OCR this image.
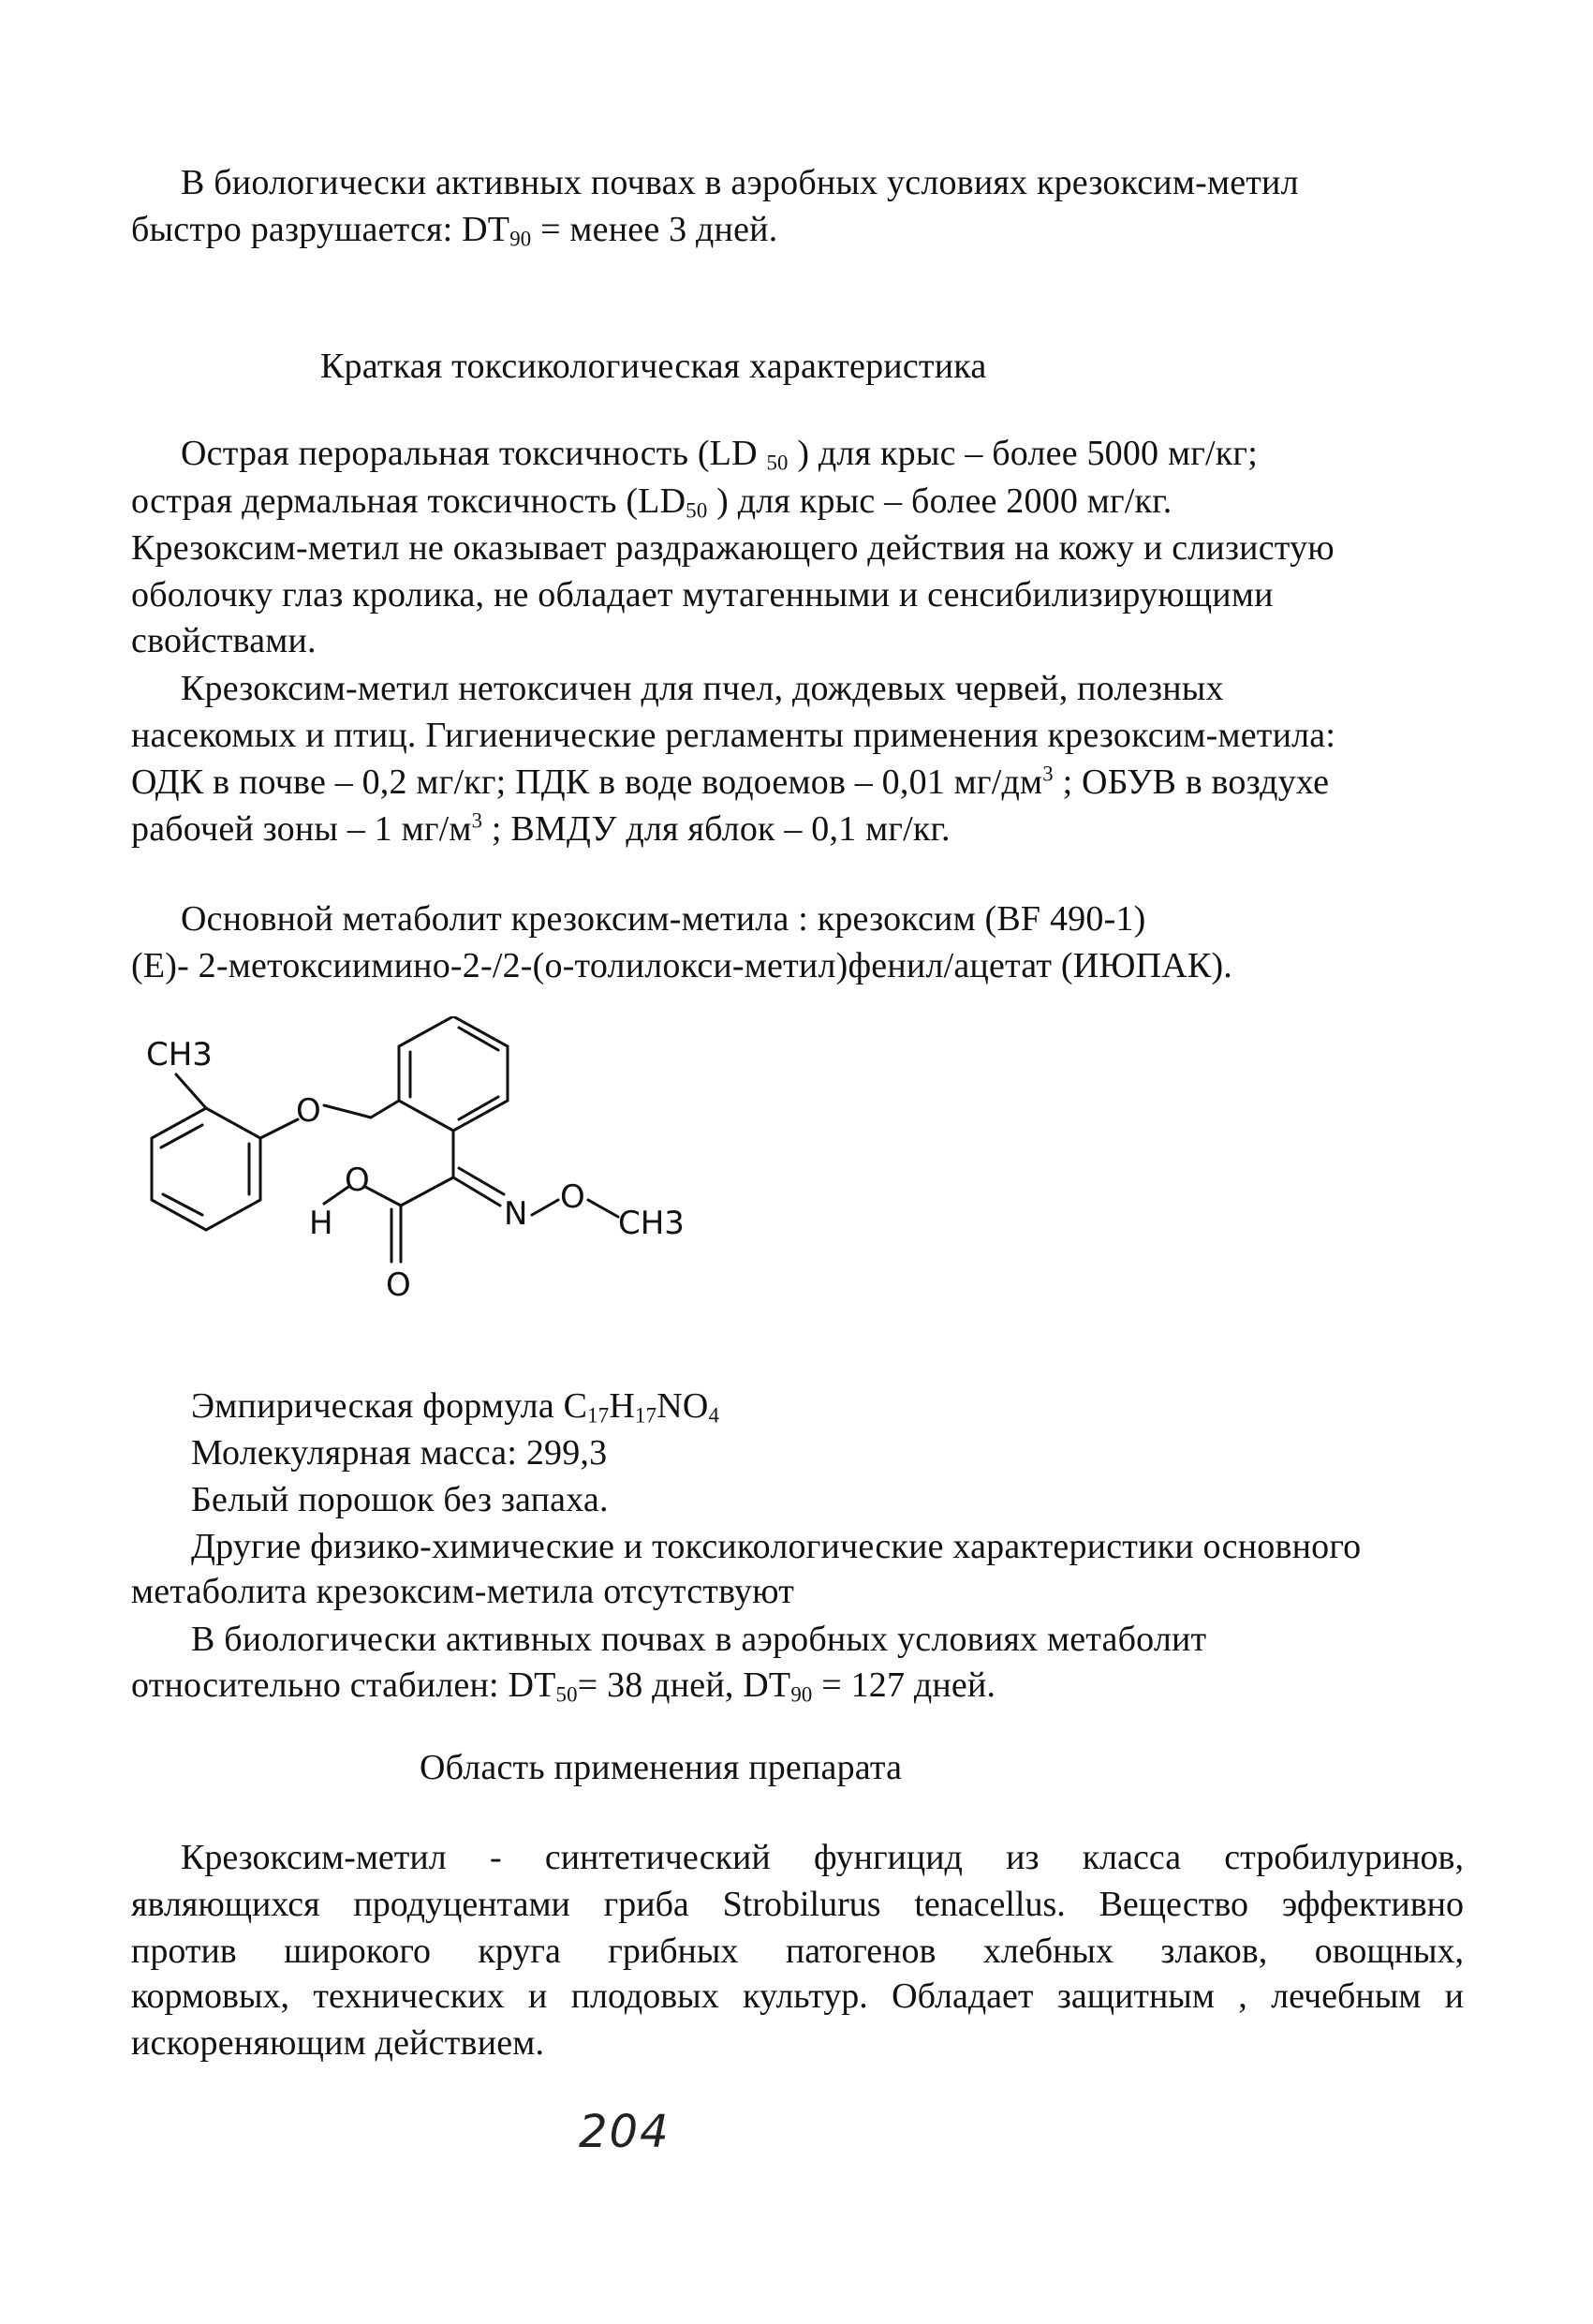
В биологически активных почвах в аэробных условиях крезоксим-метил
быстро разрушается: $DT_{90}$ = менее 3 дней.
Краткая токсикологическая характеристика
Острая пероральная токсичность (LD $_{50}$ ) для крыс – более 5000 мг/кг;
острая дермальная токсичность ($LD_{50}$ ) для крыс – более 2000 мг/кг.
Крезоксим-метил не оказывает раздражающего действия на кожу и слизистую
оболочку глаз кролика, не обладает мутагенными и сенсибилизирующими
свойствами.
Крезоксим-метил нетоксичен для пчел, дождевых червей, полезных
насекомых и птиц. Гигиенические регламенты применения крезоксим-метила:
ОДК в почве – 0,2 мг/кг; ПДК в воде водоемов – 0,01 $мг/дм^3$ ; ОБУВ в воздухе
рабочей зоны – 1 $мг/м^3$ ; ВМДУ для яблок – 0,1 мг/кг.
Основной метаболит крезоксим-метила : крезоксим (BF 490-1)
(Е)- 2-метоксиимино-2-/2-(о-толилокси-метил)фенил/ацетат (ИЮПАК).
CH3
O
O
H
O
N O
CH3
Эмпирическая формула $C_{17}H_{17}NO_4$
Молекулярная масса: 299,3
Белый порошок без запаха.
Другие физико-химические и токсикологические характеристики основного
метаболита крезоксим-метила отсутствуют
В биологически активных почвах в аэробных условиях метаболит
относительно стабилен: $DT_{50}= 38$ дней, $DT_{90} = 127$ дней.
Область применения препарата
Крезоксим-метил - синтетический фунгицид из класса стробилуринов,
являющихся продуцентами гриба Strobilurus tenacellus. Вещество эффективно
против широкого круга грибных патогенов хлебных злаков, овощных,
кормовых, технических и плодовых культур. Обладает защитным , лечебным и
искореняющим действием.
204
